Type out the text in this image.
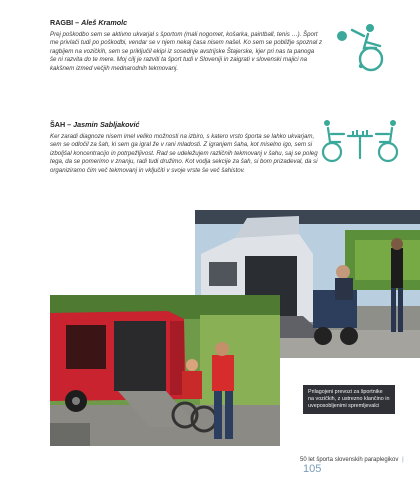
RAGBI – Aleš Kramolc

Prej poškodbo sem se aktivno ukvarjal s športom (mali nogomet, košarka, paintball, tenis …). Šport me privlači tudi po poškodbi, vendar se v njem nekaj časa nisem našel. Ko sem se pobližje spoznal z ragbijem na vozičkih, sem se priključil ekipi iz sosednje avstrijske Štajerske, kjer pri nas ta panoga še ni razvita do te mere. Moj cilj je razviti ta šport tudi v Sloveniji in zaigrati v slovenski majici na kakšnem izmed večjih mednarodnih tekmovanj.

ŠAH – Jasmin Sabljaković

Ker zaradi diagnoze nisem imel veliko možnosti na izbiro, s katero vrsto športa se lahko ukvarjam, sem se odločil za šah, ki sem ga igral že v rani mladosti. Z igranjem šaha, kot miselno igo, sem si izboljšal koncentracijo in potrpežljivost. Rad se udeležujem različnih tekmovanj v šahu, saj se poleg tega, da se pomerimo v znanju, radi tudi družimo. Kot vodja sekcije za šah, si bom prizadeval, da si organiziramo čim več tekmovanj in vključiti v svoje vrste še več šahistov.

Prilagojeni prevozi za športnike na vozičkih, z ustrezno klančino in uveposobljenimi spremljevalci
50 let športa slovenskih paraplegikov | 105
